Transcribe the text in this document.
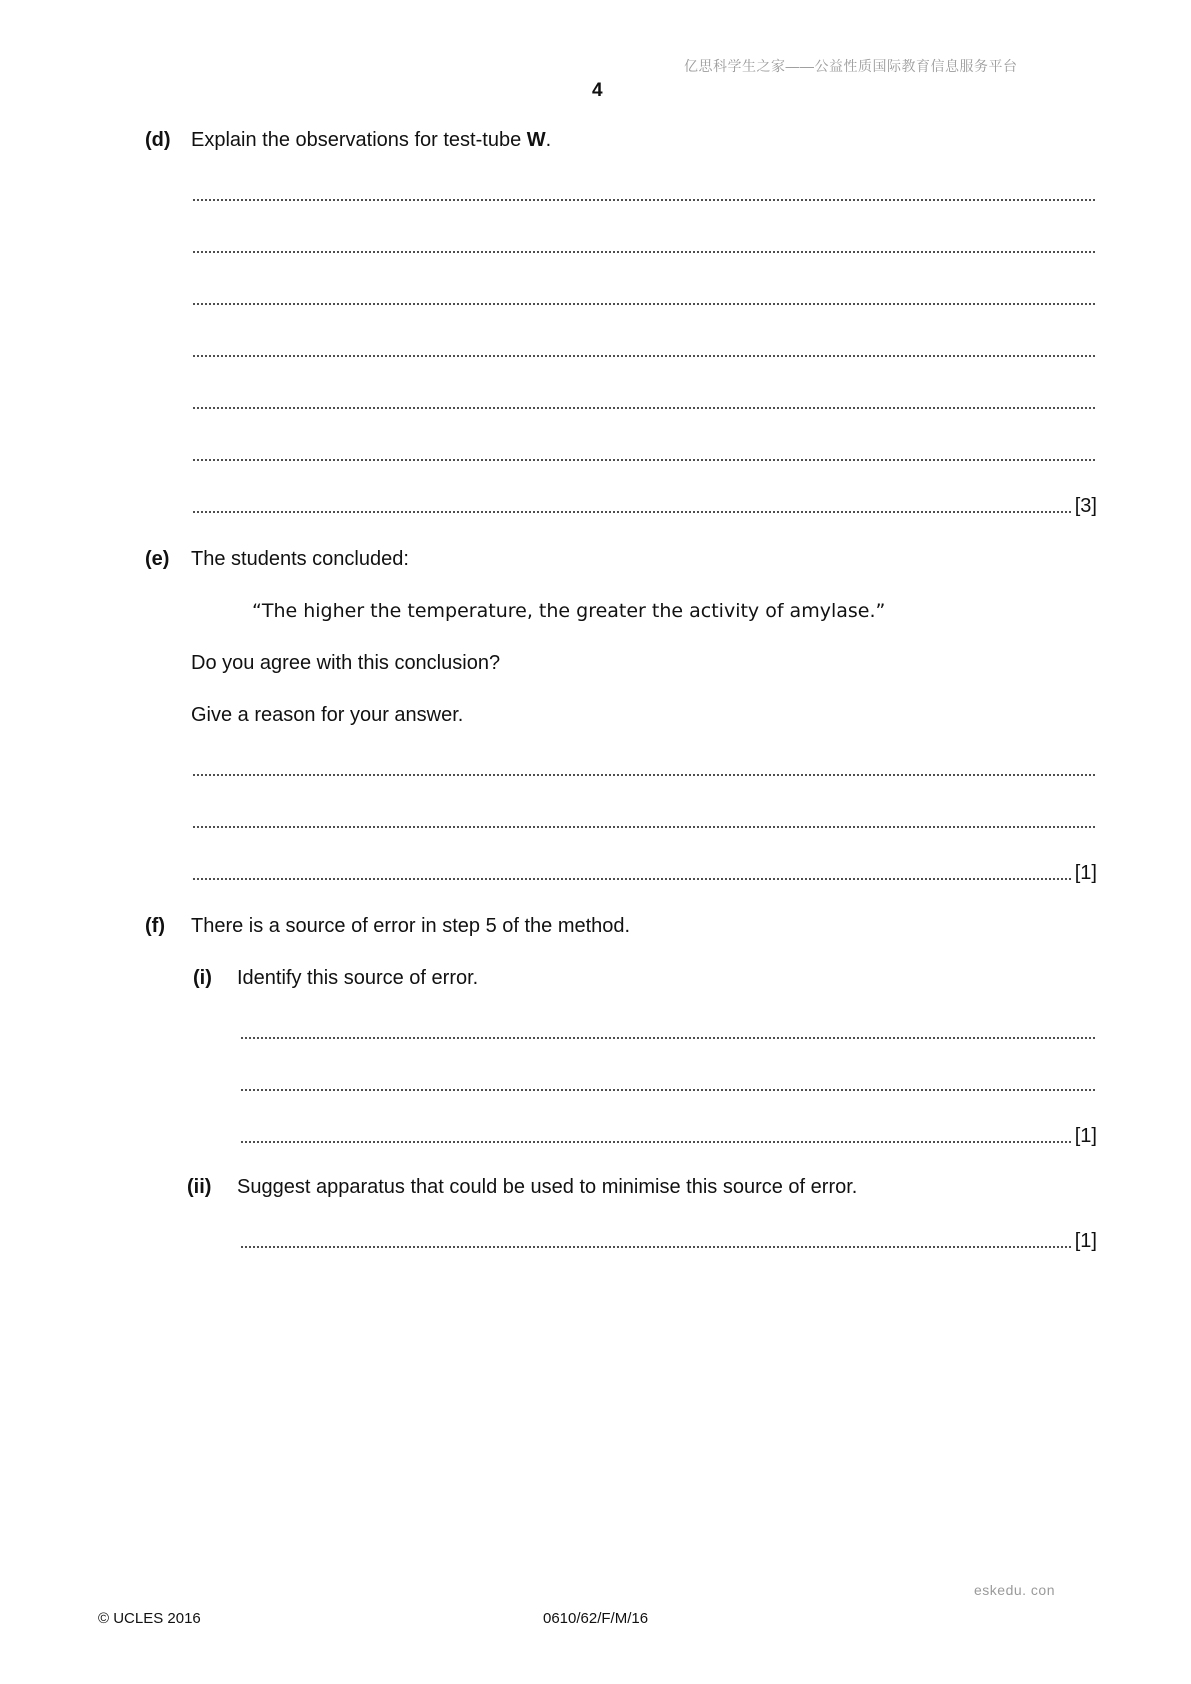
亿思科学生之家——公益性质国际教育信息服务平台
4
(d) Explain the observations for test-tube W.
[3]
(e) The students concluded:
“The higher the temperature, the greater the activity of amylase.”
Do you agree with this conclusion?
Give a reason for your answer.
[1]
(f) There is a source of error in step 5 of the method.
(i) Identify this source of error.
[1]
(ii) Suggest apparatus that could be used to minimise this source of error.
[1]
eskedu. con
© UCLES 2016	0610/62/F/M/16
